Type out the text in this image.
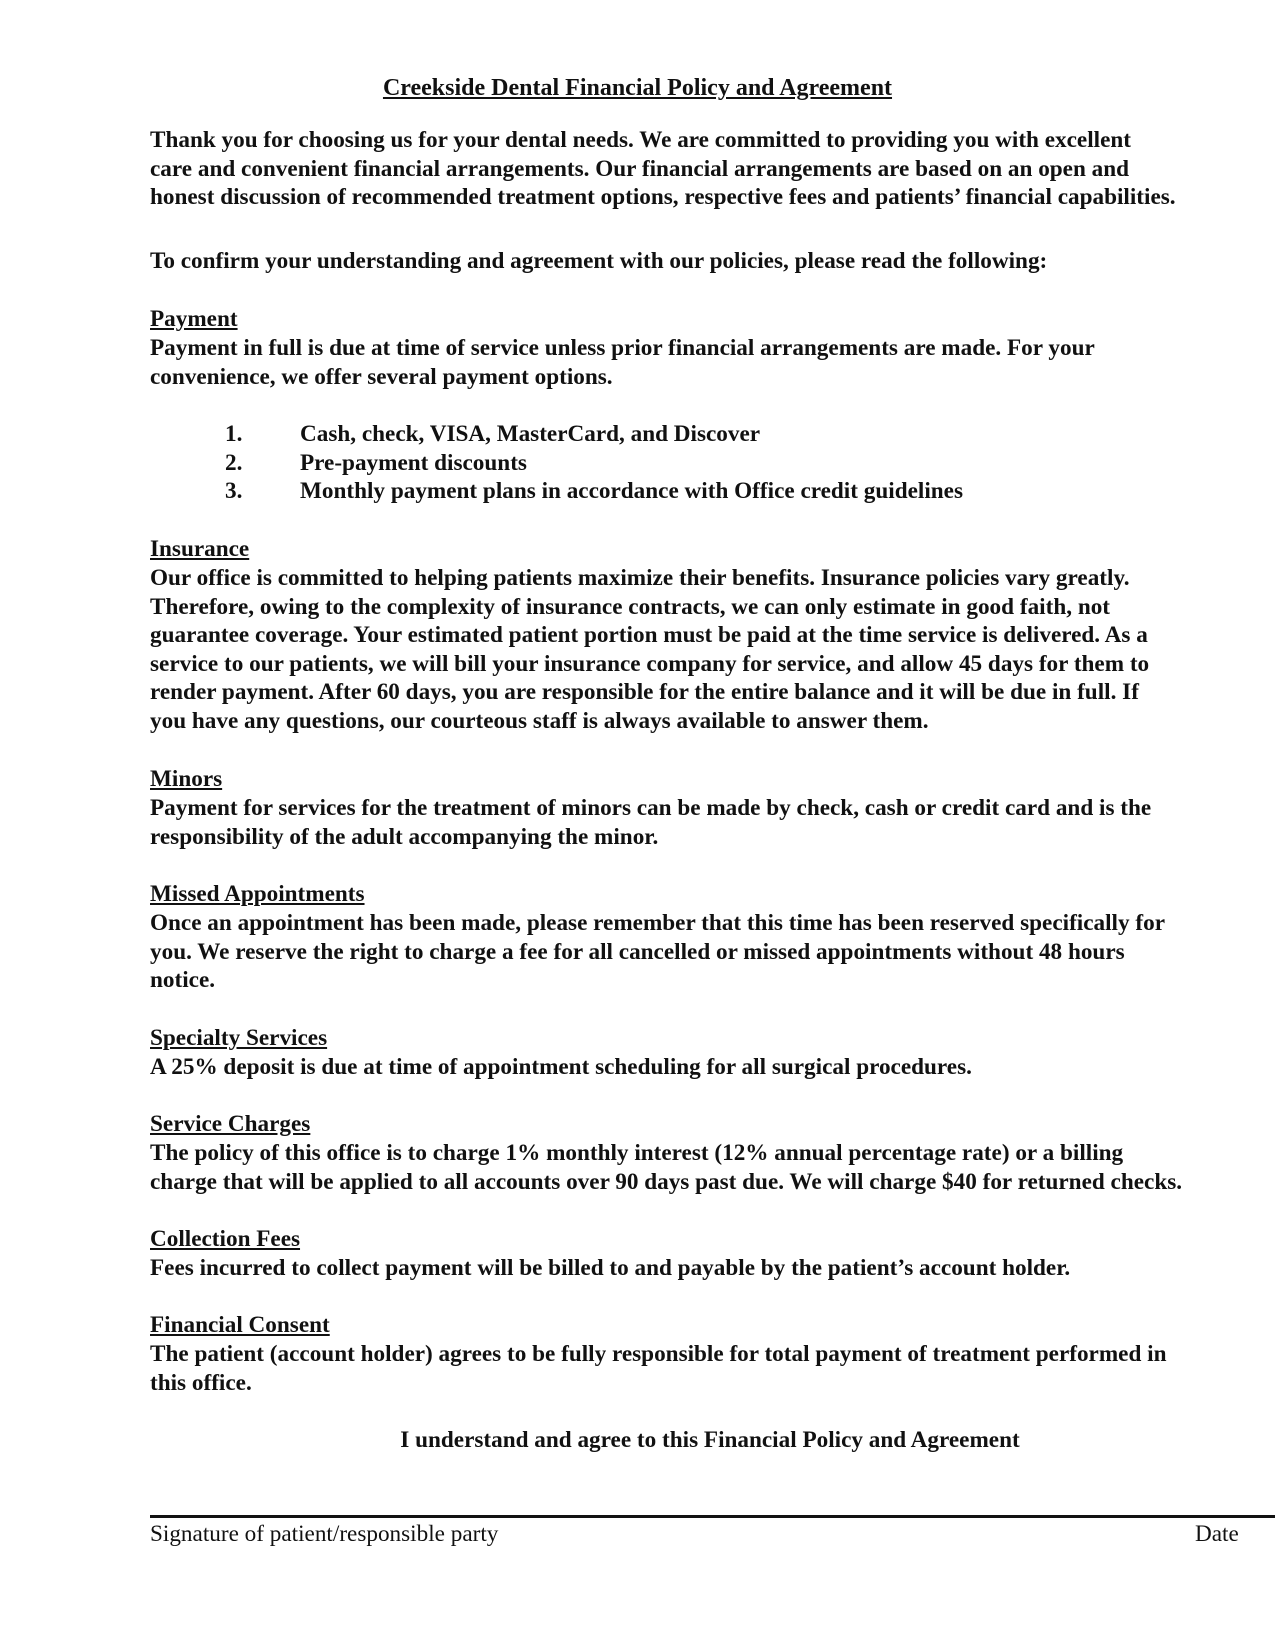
Creekside Dental Financial Policy and Agreement

Thank you for choosing us for your dental needs. We are committed to providing you with excellent
care and convenient financial arrangements. Our financial arrangements are based on an open and
honest discussion of recommended treatment options, respective fees and patients’ financial capabilities.

To confirm your understanding and agreement with our policies, please read the following:

Payment

Payment in full is due at time of service unless prior financial arrangements are made. For your
convenience, we offer several payment options.

1.	Cash, check, VISA, MasterCard, and Discover
2.	Pre-payment discounts
3.	Monthly payment plans in accordance with Office credit guidelines
Insurance

Our office is committed to helping patients maximize their benefits. Insurance policies vary greatly.
Therefore, owing to the complexity of insurance contracts, we can only estimate in good faith, not
guarantee coverage. Your estimated patient portion must be paid at the time service is delivered. As a
service to our patients, we will bill your insurance company for service, and allow 45 days for them to
render payment. After 60 days, you are responsible for the entire balance and it will be due in full. If
you have any questions, our courteous staff is always available to answer them.

Minors

Payment for services for the treatment of minors can be made by check, cash or credit card and is the
responsibility of the adult accompanying the minor.

Missed Appointments

Once an appointment has been made, please remember that this time has been reserved specifically for
you. We reserve the right to charge a fee for all cancelled or missed appointments without 48 hours
notice.

Specialty Services

A 25% deposit is due at time of appointment scheduling for all surgical procedures.

Service Charges

The policy of this office is to charge 1% monthly interest (12% annual percentage rate) or a billing
charge that will be applied to all accounts over 90 days past due. We will charge $40 for returned checks.

Collection Fees

Fees incurred to collect payment will be billed to and payable by the patient’s account holder.

Financial Consent

The patient (account holder) agrees to be fully responsible for total payment of treatment performed in
this office.

I understand and agree to this Financial Policy and Agreement

Signature of patient/responsible party	Date
